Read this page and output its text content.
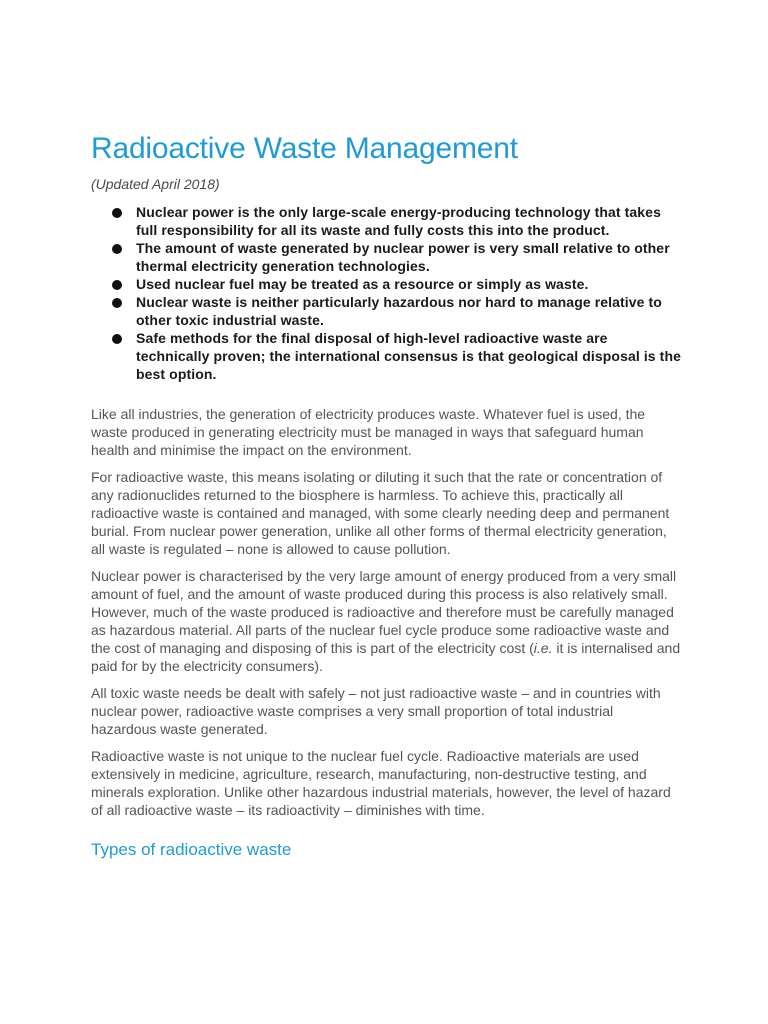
Radioactive Waste Management

(Updated April 2018)

Nuclear power is the only large-scale energy-producing technology that takes full responsibility for all its waste and fully costs this into the product.
The amount of waste generated by nuclear power is very small relative to other thermal electricity generation technologies.
Used nuclear fuel may be treated as a resource or simply as waste.
Nuclear waste is neither particularly hazardous nor hard to manage relative to other toxic industrial waste.
Safe methods for the final disposal of high-level radioactive waste are technically proven; the international consensus is that geological disposal is the best option.

Like all industries, the generation of electricity produces waste. Whatever fuel is used, the waste produced in generating electricity must be managed in ways that safeguard human health and minimise the impact on the environment.

For radioactive waste, this means isolating or diluting it such that the rate or concentration of any radionuclides returned to the biosphere is harmless. To achieve this, practically all radioactive waste is contained and managed, with some clearly needing deep and permanent burial. From nuclear power generation, unlike all other forms of thermal electricity generation, all waste is regulated – none is allowed to cause pollution.

Nuclear power is characterised by the very large amount of energy produced from a very small amount of fuel, and the amount of waste produced during this process is also relatively small. However, much of the waste produced is radioactive and therefore must be carefully managed as hazardous material. All parts of the nuclear fuel cycle produce some radioactive waste and the cost of managing and disposing of this is part of the electricity cost (i.e. it is internalised and paid for by the electricity consumers).

All toxic waste needs be dealt with safely – not just radioactive waste – and in countries with nuclear power, radioactive waste comprises a very small proportion of total industrial hazardous waste generated.

Radioactive waste is not unique to the nuclear fuel cycle. Radioactive materials are used extensively in medicine, agriculture, research, manufacturing, non-destructive testing, and minerals exploration. Unlike other hazardous industrial materials, however, the level of hazard of all radioactive waste – its radioactivity – diminishes with time.

Types of radioactive waste
